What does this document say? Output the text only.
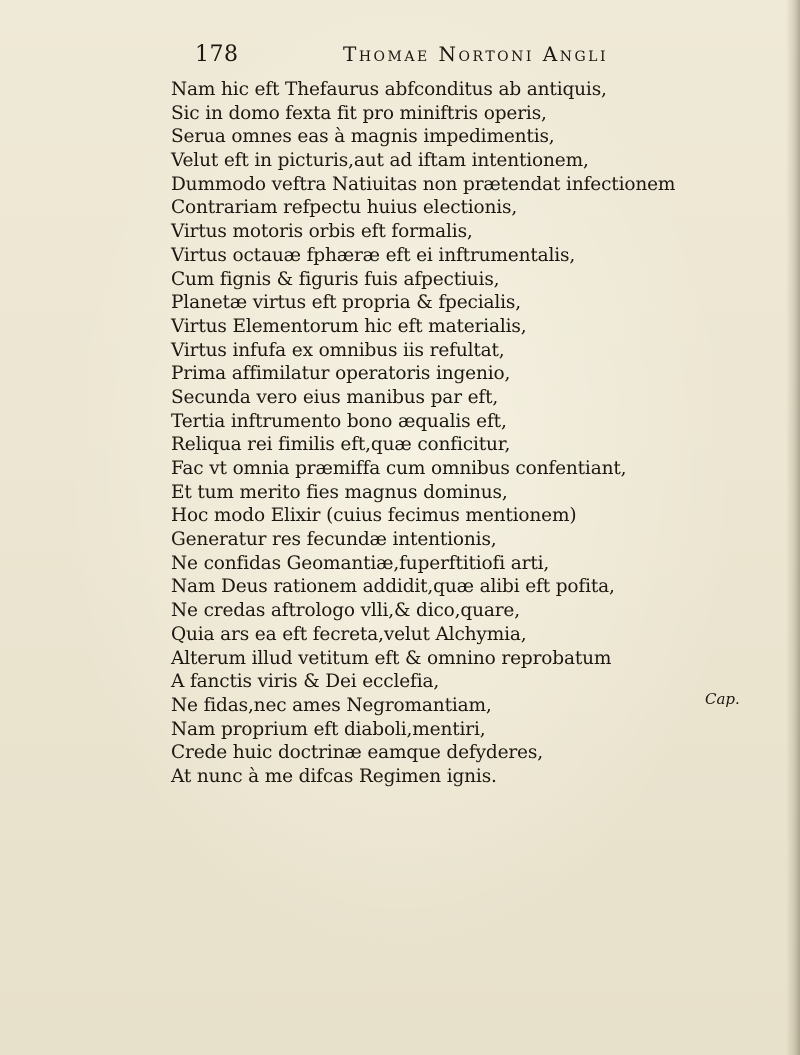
178	Thomae Nortoni Angli
Nam hic eft Thefaurus abfconditus ab antiquis,
Sic in domo fexta fit pro miniftris operis,
Serua omnes eas à magnis impedimentis,
Velut eft in picturis,aut ad iftam intentionem,
Dummodo veftra Natiuitas non prætendat infectionem
Contrariam refpectu huius electionis,
Virtus motoris orbis eft formalis,
Virtus octauæ fphæræ eft ei inftrumentalis,
Cum fignis & figuris fuis afpectiuis,
Planetæ virtus eft propria & fpecialis,
Virtus Elementorum hic eft materialis,
Virtus infufa ex omnibus iis refultat,
Prima affimilatur operatoris ingenio,
Secunda vero eius manibus par eft,
Tertia inftrumento bono æqualis eft,
Reliqua rei fimilis eft,quæ conficitur,
Fac vt omnia præmiffa cum omnibus confentiant,
Et tum merito fies magnus dominus,
Hoc modo Elixir (cuius fecimus mentionem)
Generatur res fecundæ intentionis,
Ne confidas Geomantiæ,fuperftitiofi arti,
Nam Deus rationem addidit,quæ alibi eft pofita,
Ne credas aftrologo vlli,& dico,quare,
Quia ars ea eft fecreta,velut Alchymia,
Alterum illud vetitum eft & omnino reprobatum
A fanctis viris & Dei ecclefia,
Ne fidas,nec ames Negromantiam,
Nam proprium eft diaboli,mentiri,
Crede huic doctrinæ eamque defyderes,
At nunc à me difcas Regimen ignis.
Cap.
